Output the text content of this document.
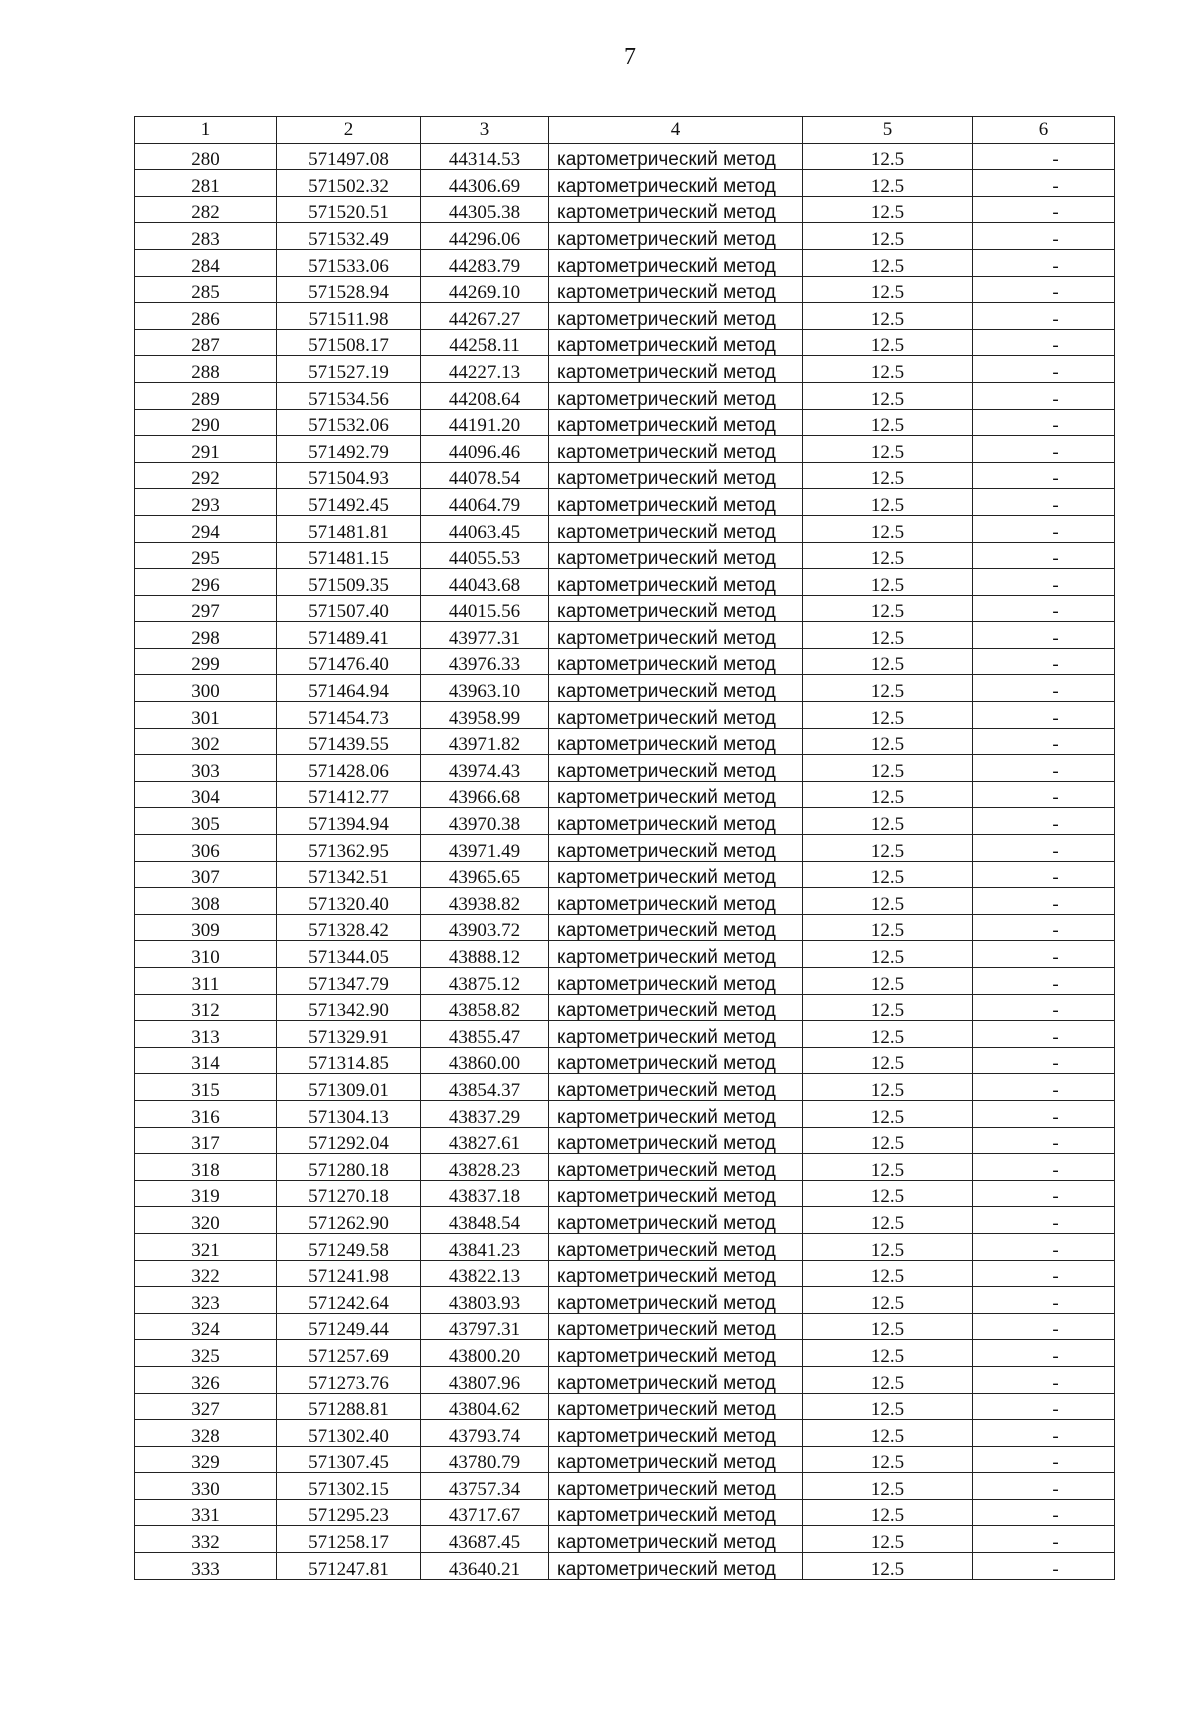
7
1	2	3	4	5	6
280	571497.08	44314.53	картометрический метод	12.5	-
281	571502.32	44306.69	картометрический метод	12.5	-
282	571520.51	44305.38	картометрический метод	12.5	-
283	571532.49	44296.06	картометрический метод	12.5	-
284	571533.06	44283.79	картометрический метод	12.5	-
285	571528.94	44269.10	картометрический метод	12.5	-
286	571511.98	44267.27	картометрический метод	12.5	-
287	571508.17	44258.11	картометрический метод	12.5	-
288	571527.19	44227.13	картометрический метод	12.5	-
289	571534.56	44208.64	картометрический метод	12.5	-
290	571532.06	44191.20	картометрический метод	12.5	-
291	571492.79	44096.46	картометрический метод	12.5	-
292	571504.93	44078.54	картометрический метод	12.5	-
293	571492.45	44064.79	картометрический метод	12.5	-
294	571481.81	44063.45	картометрический метод	12.5	-
295	571481.15	44055.53	картометрический метод	12.5	-
296	571509.35	44043.68	картометрический метод	12.5	-
297	571507.40	44015.56	картометрический метод	12.5	-
298	571489.41	43977.31	картометрический метод	12.5	-
299	571476.40	43976.33	картометрический метод	12.5	-
300	571464.94	43963.10	картометрический метод	12.5	-
301	571454.73	43958.99	картометрический метод	12.5	-
302	571439.55	43971.82	картометрический метод	12.5	-
303	571428.06	43974.43	картометрический метод	12.5	-
304	571412.77	43966.68	картометрический метод	12.5	-
305	571394.94	43970.38	картометрический метод	12.5	-
306	571362.95	43971.49	картометрический метод	12.5	-
307	571342.51	43965.65	картометрический метод	12.5	-
308	571320.40	43938.82	картометрический метод	12.5	-
309	571328.42	43903.72	картометрический метод	12.5	-
310	571344.05	43888.12	картометрический метод	12.5	-
311	571347.79	43875.12	картометрический метод	12.5	-
312	571342.90	43858.82	картометрический метод	12.5	-
313	571329.91	43855.47	картометрический метод	12.5	-
314	571314.85	43860.00	картометрический метод	12.5	-
315	571309.01	43854.37	картометрический метод	12.5	-
316	571304.13	43837.29	картометрический метод	12.5	-
317	571292.04	43827.61	картометрический метод	12.5	-
318	571280.18	43828.23	картометрический метод	12.5	-
319	571270.18	43837.18	картометрический метод	12.5	-
320	571262.90	43848.54	картометрический метод	12.5	-
321	571249.58	43841.23	картометрический метод	12.5	-
322	571241.98	43822.13	картометрический метод	12.5	-
323	571242.64	43803.93	картометрический метод	12.5	-
324	571249.44	43797.31	картометрический метод	12.5	-
325	571257.69	43800.20	картометрический метод	12.5	-
326	571273.76	43807.96	картометрический метод	12.5	-
327	571288.81	43804.62	картометрический метод	12.5	-
328	571302.40	43793.74	картометрический метод	12.5	-
329	571307.45	43780.79	картометрический метод	12.5	-
330	571302.15	43757.34	картометрический метод	12.5	-
331	571295.23	43717.67	картометрический метод	12.5	-
332	571258.17	43687.45	картометрический метод	12.5	-
333	571247.81	43640.21	картометрический метод	12.5	-
